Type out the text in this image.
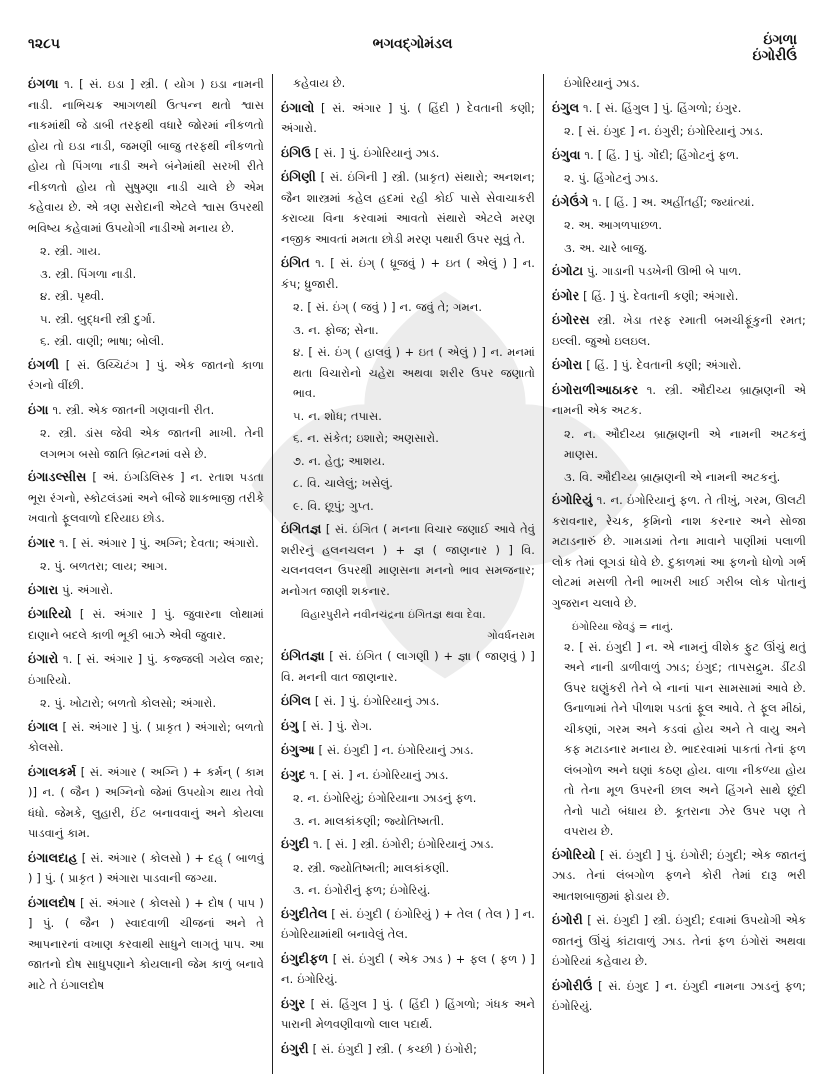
૧૨૮૫	ભગવદ્ગોમંડલ	ઇંગળા
ઇંગોરીઉં
ઇંગળા ૧. [ સં. ઇડા ] સ્ત્રી. ( યોગ ) ઇડા નામની નાડી. નાભિચક્ર આગળથી ઉત્પન્ન થતો શ્વાસ નાકમાંથી જે ડાબી તરફથી વધારે જોરમાં નીકળતો હોય તો ઇડા નાડી, જમણી બાજુ તરફથી નીકળતો હોય તો પિંગળા નાડી અને બંનેમાંથી સરખી રીતે નીકળતો હોય તો સુષુમ્ણા નાડી ચાલે છે એમ કહેવાય છે. એ ત્રણ સરોદાની એટલે શ્વાસ ઉપરથી ભવિષ્ય કહેવામાં ઉપયોગી નાડીઓ મનાય છે.
૨. સ્ત્રી. ગાય.
૩. સ્ત્રી. પિંગળા નાડી.
૪. સ્ત્રી. પૃથ્વી.
૫. સ્ત્રી. બુદ્ધની સ્ત્રી દુર્ગા.
૬. સ્ત્રી. વાણી; ભાષા; બોલી.
ઇંગળી [ સં. ઉચ્ચિટંગ ] પું. એક જાતનો કાળા રંગનો વીંછી.
ઇંગા ૧. સ્ત્રી. એક જાતની ગણવાની રીત.
૨. સ્ત્રી. ડાંસ જેવી એક જાતની માખી. તેની લગભગ બસો જાતિ બ્રિટનમાં વસે છે.
ઇંગાડલ્સીસ [ અં. ઇંગડિલિસ્ક ] ન. રતાશ પડતા ભૂરા રંગનો, સ્કોટલંડમાં અને બીજે શાકભાજી તરીકે ખવાતો ફૂલવાળો દરિયાઇ છોડ.
ઇંગાર ૧. [ સં. અંગાર ] પું. અગ્નિ; દેવતા; અંગારો.
૨. પું. બળતરા; લાય; આગ.
ઇંગારા પું. અંગારો.
ઇંગારિયો [ સં. અંગાર ] પું. જુવારના લોથામાં દાણાને બદલે કાળી ભૂકી બાઝે એવી જુવાર.
ઇંગારો ૧. [ સં. અંગાર ] પું. કજ્જલી ગયેલ જાર; ઇંગારિયો.
૨. પું. ખોટારો; બળતો કોલસો; અંગારો.
ઇંગાલ [ સં. અંગાર ] પું. ( પ્રાકૃત ) અંગારો; બળતો કોલસો.
ઇંગાલકર્મ [ સં. અંગાર ( અગ્નિ ) + કર્મન્ ( કામ )] ન. ( જૈન ) અગ્નિનો જેમાં ઉપયોગ થાય તેવો ધંધો. જેમકે, લુહારી, ઈંટ બનાવવાનું અને કોયલા પાડવાનું કામ.
ઇંગાલદાહ [ સં. અંગાર ( કોલસો ) + દહ્ ( બાળવું ) ] પું. ( પ્રાકૃત ) અંગારા પાડવાની જગ્યા.
ઇંગાલદોષ [ સં. અંગાર ( કોલસો ) + દોષ ( પાપ ) ] પું. ( જૈન ) સ્વાદવાળી ચીજનાં અને તે આપનારનાં વખાણ કરવાથી સાધુને લાગતું પાપ. આ જાતનો દોષ સાધુપણાને કોયલાની જેમ કાળું બનાવે માટે તે ઇંગાલદોષ
કહેવાય છે.
ઇંગાલો [ સં. અંગાર ] પું. ( હિંદી ) દેવતાની કણી; અંગારો.
ઇંગિઉ [ સં. ] પું. ઇંગોરિયાનું ઝાડ.
ઇંગિણી [ સં. ઇંગિની ] સ્ત્રી. (પ્રાકૃત) સંથારો; અનશન; જૈન શાસ્ત્રમાં કહેલ હદમાં રહી કોઈ પાસે સેવાચાકરી કરાવ્યા વિના કરવામાં આવતો સંથારો એટલે મરણ નજીક આવતાં મમતા છોડી મરણ પથારી ઉપર સૂવું તે.
ઇંગિત ૧. [ સં. ઇંગ્ ( ધ્રૂજવું ) + ઇત ( એલું ) ] ન. કંપ; ધ્રુજારી.
૨. [ સં. ઇંગ્ ( જવું ) ] ન. જવું તે; ગમન.
૩. ન. ફોજ; સેના.
૪. [ સં. ઇંગ્ ( હાલવું ) + ઇત ( એલું ) ] ન. મનમાં થતા વિચારોનો ચહેરા અથવા શરીર ઉપર જણાતો ભાવ.
૫. ન. શોધ; તપાસ.
૬. ન. સંકેત; ઇશારો; અણસારો.
૭. ન. હેતુ; આશય.
૮. વિ. ચાલેલું; ખસેલું.
૯. વિ. છૂપું; ગુપ્ત.
ઇંગિતજ્ઞ [ સં. ઇંગિત ( મનના વિચાર જણાઈ આવે તેવું શરીરનું હલનચલન ) + જ્ઞ ( જાણનાર ) ] વિ. ચલનવલન ઉપરથી માણસના મનનો ભાવ સમજનાર; મનોગત જાણી શકનાર.
વિહારપુરીને નવીનચંદ્રના ઇંગિતજ્ઞ થવા દેવા.
ગોવર્ધનરામ
ઇંગિતજ્ઞા [ સં. ઇંગિત ( લાગણી ) + જ્ઞા ( જાણવું ) ] વિ. મનની વાત જાણનાર.
ઇંગિલ [ સં. ] પું. ઇંગોરિયાનું ઝાડ.
ઇંગુ [ સં. ] પું. રોગ.
ઇંગુઆ [ સં. ઇંગુદી ] ન. ઇંગોરિયાનું ઝાડ.
ઇંગુદ ૧. [ સં. ] ન. ઇંગોરિયાનું ઝાડ.
૨. ન. ઇંગોરિયું; ઇંગોરિયાના ઝાડનું ફળ.
૩. ન. માલકાંકણી; જ્યોતિષ્મતી.
ઇંગુદી ૧. [ સં. ] સ્ત્રી. ઇંગોરી; ઇંગોરિયાનું ઝાડ.
૨. સ્ત્રી. જ્યોતિષ્મતી; માલકાંકણી.
૩. ન. ઇંગોરીનું ફળ; ઇંગોરિયું.
ઇંગુદીતેલ [ સં. ઇંગુદી ( ઇંગોરિયું ) + તેલ ( તેલ ) ] ન. ઇંગોરિયામાંથી બનાવેલું તેલ.
ઇંગુદીફળ [ સં. ઇંગુદી ( એક ઝાડ ) + ફલ ( ફળ ) ] ન. ઇંગોરિયું.
ઇંગુર [ સં. હિંગુલ ] પું. ( હિંદી ) હિંગળો; ગંધક અને પારાની મેળવણીવાળો લાલ પદાર્થ.
ઇંગુરી [ સં. ઇંગુદી ] સ્ત્રી. ( કચ્છી ) ઇંગોરી;
ઇંગોરિયાનું ઝાડ.
ઇંગુલ ૧. [ સં. હિંગુલ ] પું. હિંગળો; ઇંગુર.
૨. [ સં. ઇંગુદ ] ન. ઇંગુરી; ઇંગોરિયાનું ઝાડ.
ઇંગુવા ૧. [ હિં. ] પું. ગોંદી; હિંગોટનું ફળ.
૨. પું. હિંગોટનું ઝાડ.
ઇંગેઉંગે ૧. [ હિં. ] અ. અહીંતહીં; જ્યાંત્યાં.
૨. અ. આગળપાછળ.
૩. અ. ચારે બાજુ.
ઇંગોટા પું. ગાડાની પડખેની ઊભી બે પાળ.
ઇંગોર [ હિં. ] પું. દેવતાની કણી; અંગારો.
ઇંગોરસ સ્ત્રી. ખેડા તરફ રમાતી બમચીફૂંકુની રમત; ઇલ્લી. જુઓ ઇલઇલ.
ઇંગોરા [ હિં. ] પું. દેવતાની કણી; અંગારો.
ઇંગોરાળીઆઠાકર ૧. સ્ત્રી. ઔદીચ્ય બ્રાહ્મણની એ નામની એક અટક.
૨. ન. ઔદીચ્ય બ્રાહ્મણની એ નામની અટકનું માણસ.
૩. વિ. ઔદીચ્ય બ્રાહ્મણની એ નામની અટકનું.
ઇંગોરિયું ૧. ન. ઇંગોરિયાનું ફળ. તે તીખું, ગરમ, ઊલટી કરાવનાર, રેચક, કૃમિનો નાશ કરનાર અને સોજા મટાડનારું છે. ગામડામાં તેના માવાને પાણીમાં પલાળી લોક તેમાં લૂગડાં ધોવે છે. દુકાળમાં આ ફળનો ધોળો ગર્ભ લોટમાં મસળી તેની ભાખરી ખાઈ ગરીબ લોક પોતાનું ગુજરાન ચલાવે છે.
ઇંગોરિયા જેવડું = નાનું.
૨. [ સં. ઇંગુદી ] ન. એ નામનું વીશેક ફુટ ઊંચું થતું અને નાની ડાળીવાળું ઝાડ; ઇંગુદ; તાપસદ્રુમ. ડીંટડી ઉપર ઘણુંકરી તેને બે નાનાં પાન સામસામાં આવે છે. ઉનાળામાં તેને પીળાશ પડતાં ફૂલ આવે. તે ફૂલ મીઠાં, ચીકણાં, ગરમ અને કડવાં હોય અને તે વાયુ અને કફ મટાડનાર મનાય છે. ભાદરવામાં પાકતાં તેનાં ફળ લંબગોળ અને ઘણાં કઠણ હોય. વાળા નીકળ્યા હોય તો તેના મૂળ ઉપરની છાલ અને હિંગને સાથે છૂંદી તેનો પાટો બંધાય છે. કૂતરાના ઝેર ઉપર પણ તે વપરાય છે.
ઇંગોરિયો [ સં. ઇંગુદી ] પું. ઇંગોરી; ઇંગુદી; એક જાતનું ઝાડ. તેનાં લંબગોળ ફળને કોરી તેમાં દારૂ ભરી આતશબાજીમાં ફોડાય છે.
ઇંગોરી [ સં. ઇંગુદી ] સ્ત્રી. ઇંગુદી; દવામાં ઉપયોગી એક જાતનું ઊંચું કાંટાવાળું ઝાડ. તેનાં ફળ ઇંગોરાં અથવા ઇંગોરિયાં કહેવાય છે.
ઇંગોરીઉં [ સં. ઇંગુદ ] ન. ઇંગુદી નામના ઝાડનું ફળ; ઇંગોરિયું.
